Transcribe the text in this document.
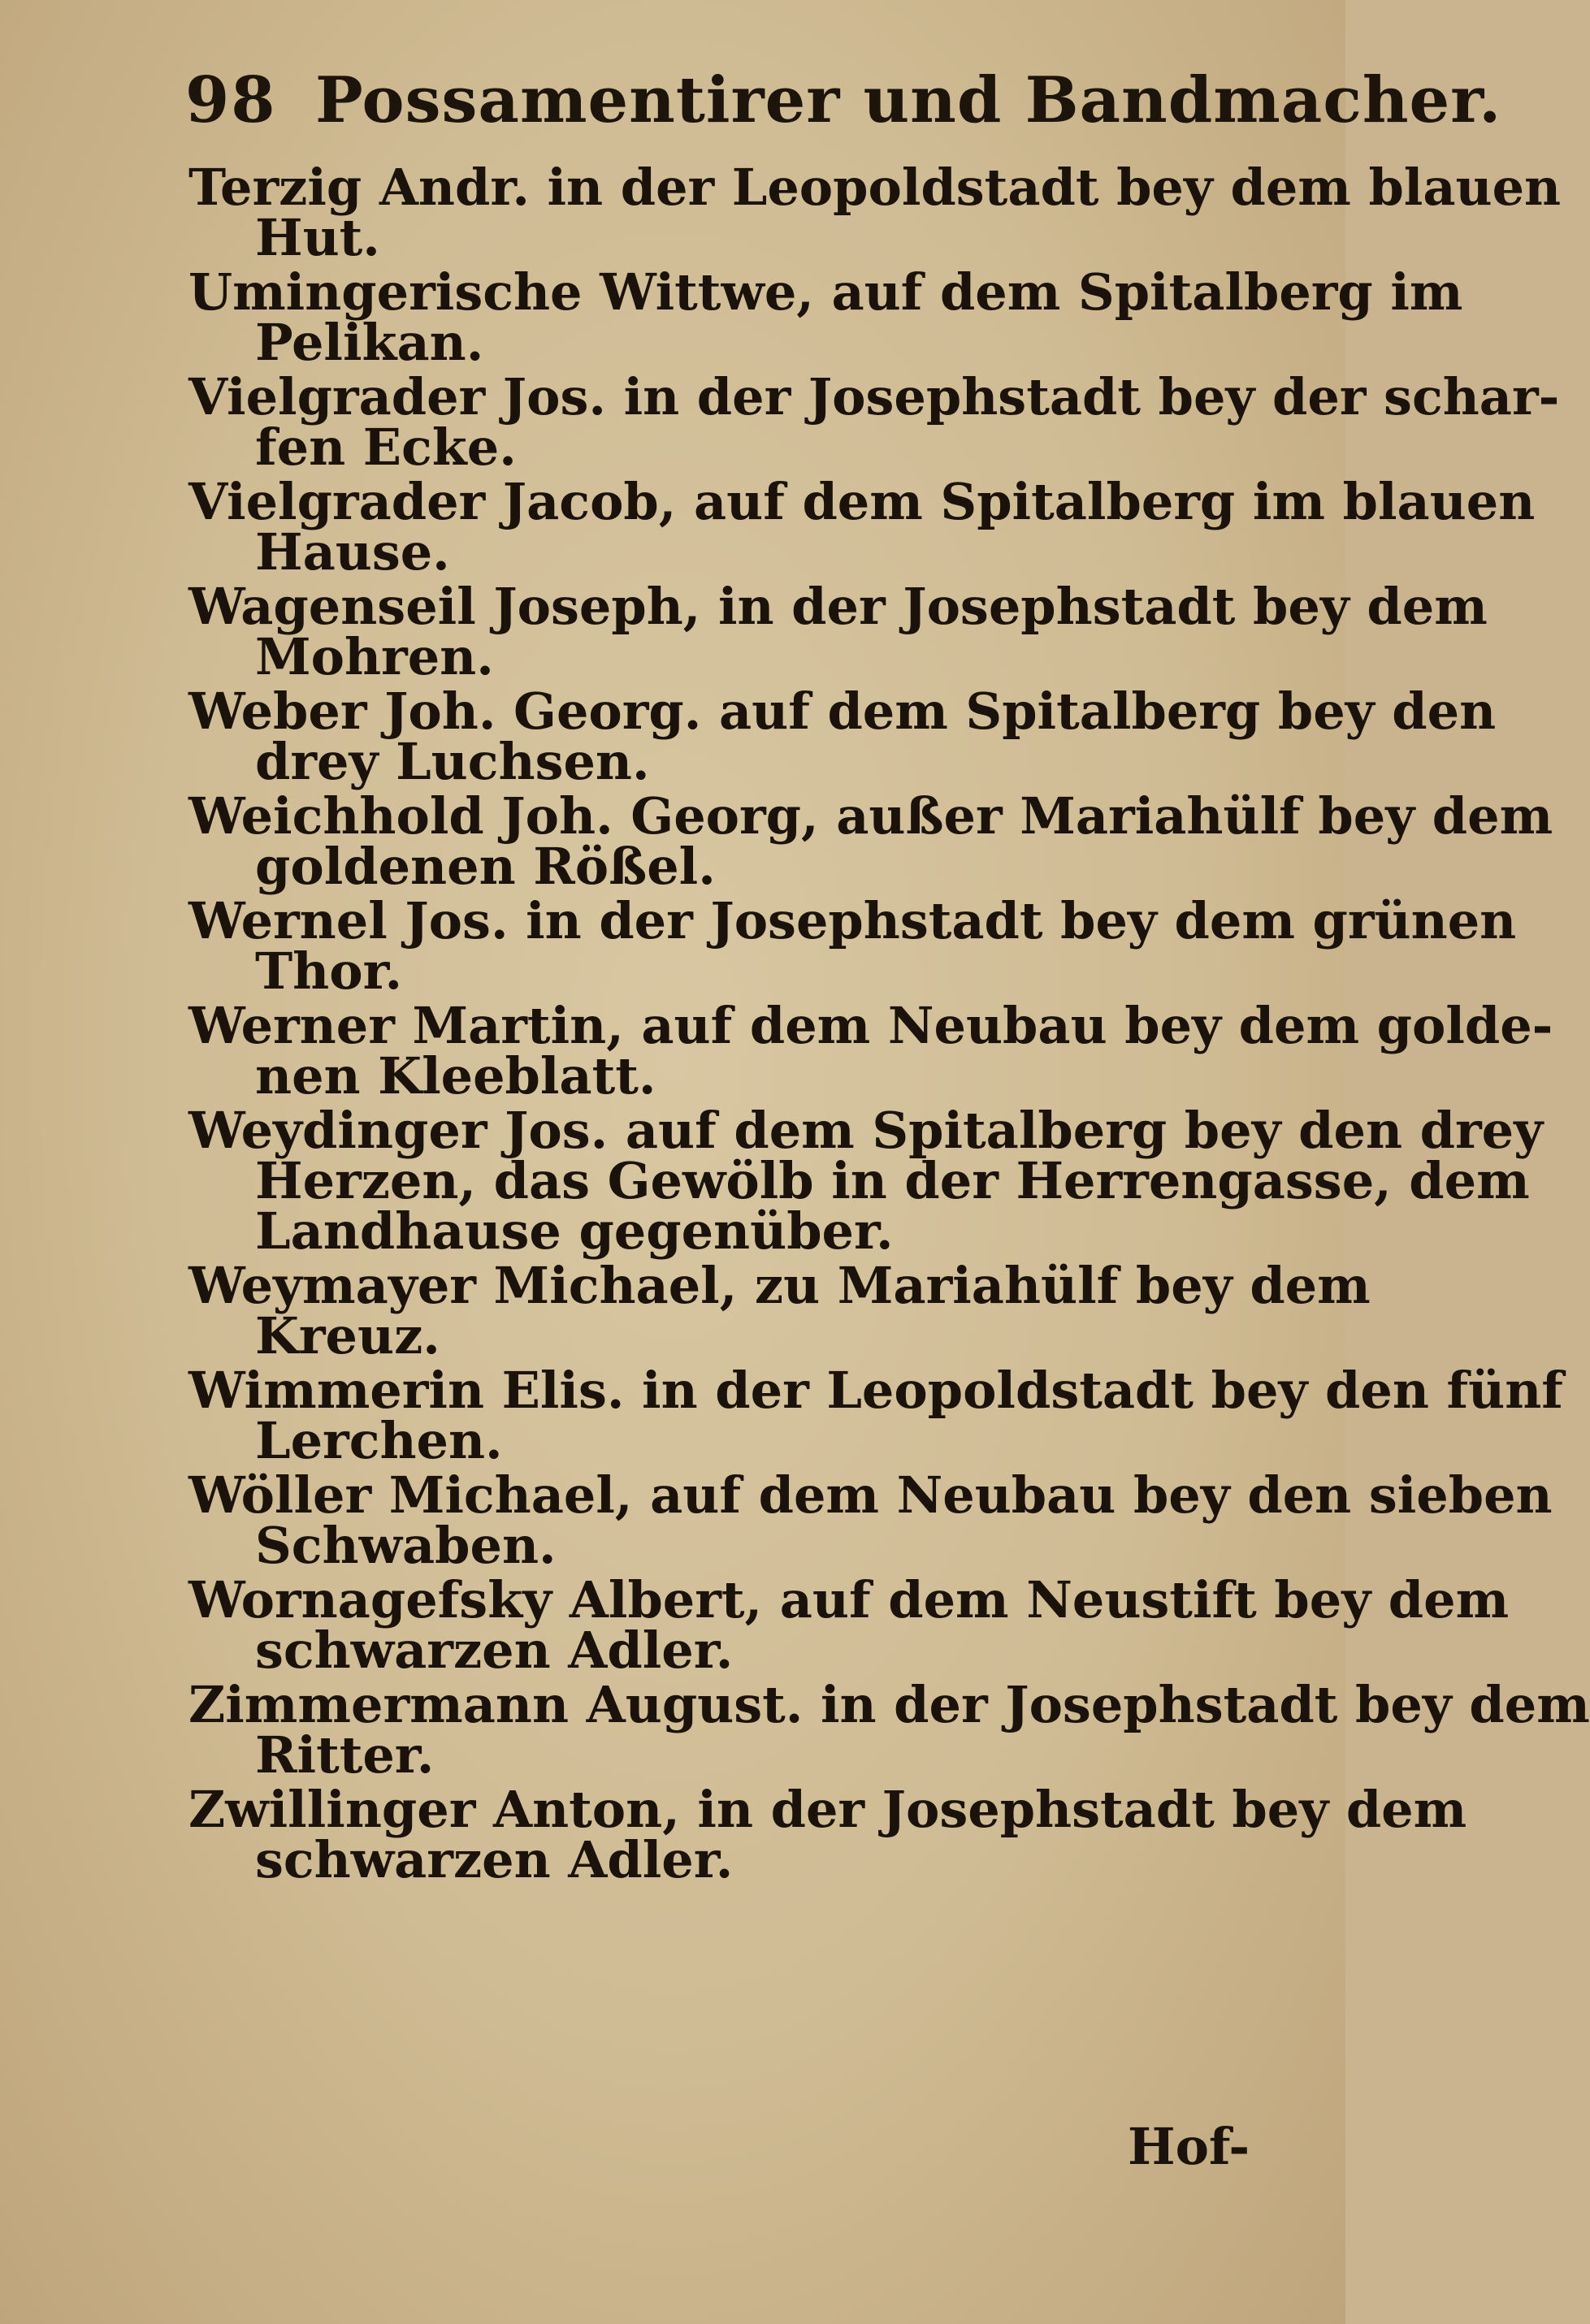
98 Possamentirer und Bandmacher.
Terzig Andr. in der Leopoldstadt bey dem blauen
Hut.
Umingerische Wittwe, auf dem Spitalberg im
Pelikan.
Vielgrader Jos. in der Josephstadt bey der schar-
fen Ecke.
Vielgrader Jacob, auf dem Spitalberg im blauen
Hause.
Wagenseil Joseph, in der Josephstadt bey dem
Mohren.
Weber Joh. Georg. auf dem Spitalberg bey den
drey Luchsen.
Weichhold Joh. Georg, außer Mariahülf bey dem
goldenen Rößel.
Wernel Jos. in der Josephstadt bey dem grünen
Thor.
Werner Martin, auf dem Neubau bey dem golde-
nen Kleeblatt.
Weydinger Jos. auf dem Spitalberg bey den drey
Herzen, das Gewölb in der Herrengasse, dem
Landhause gegenüber.
Weymayer Michael, zu Mariahülf bey dem
Kreuz.
Wimmerin Elis. in der Leopoldstadt bey den fünf
Lerchen.
Wöller Michael, auf dem Neubau bey den sieben
Schwaben.
Wornagefsky Albert, auf dem Neustift bey dem
schwarzen Adler.
Zimmermann August. in der Josephstadt bey dem
Ritter.
Zwillinger Anton, in der Josephstadt bey dem
schwarzen Adler.
Hof-
